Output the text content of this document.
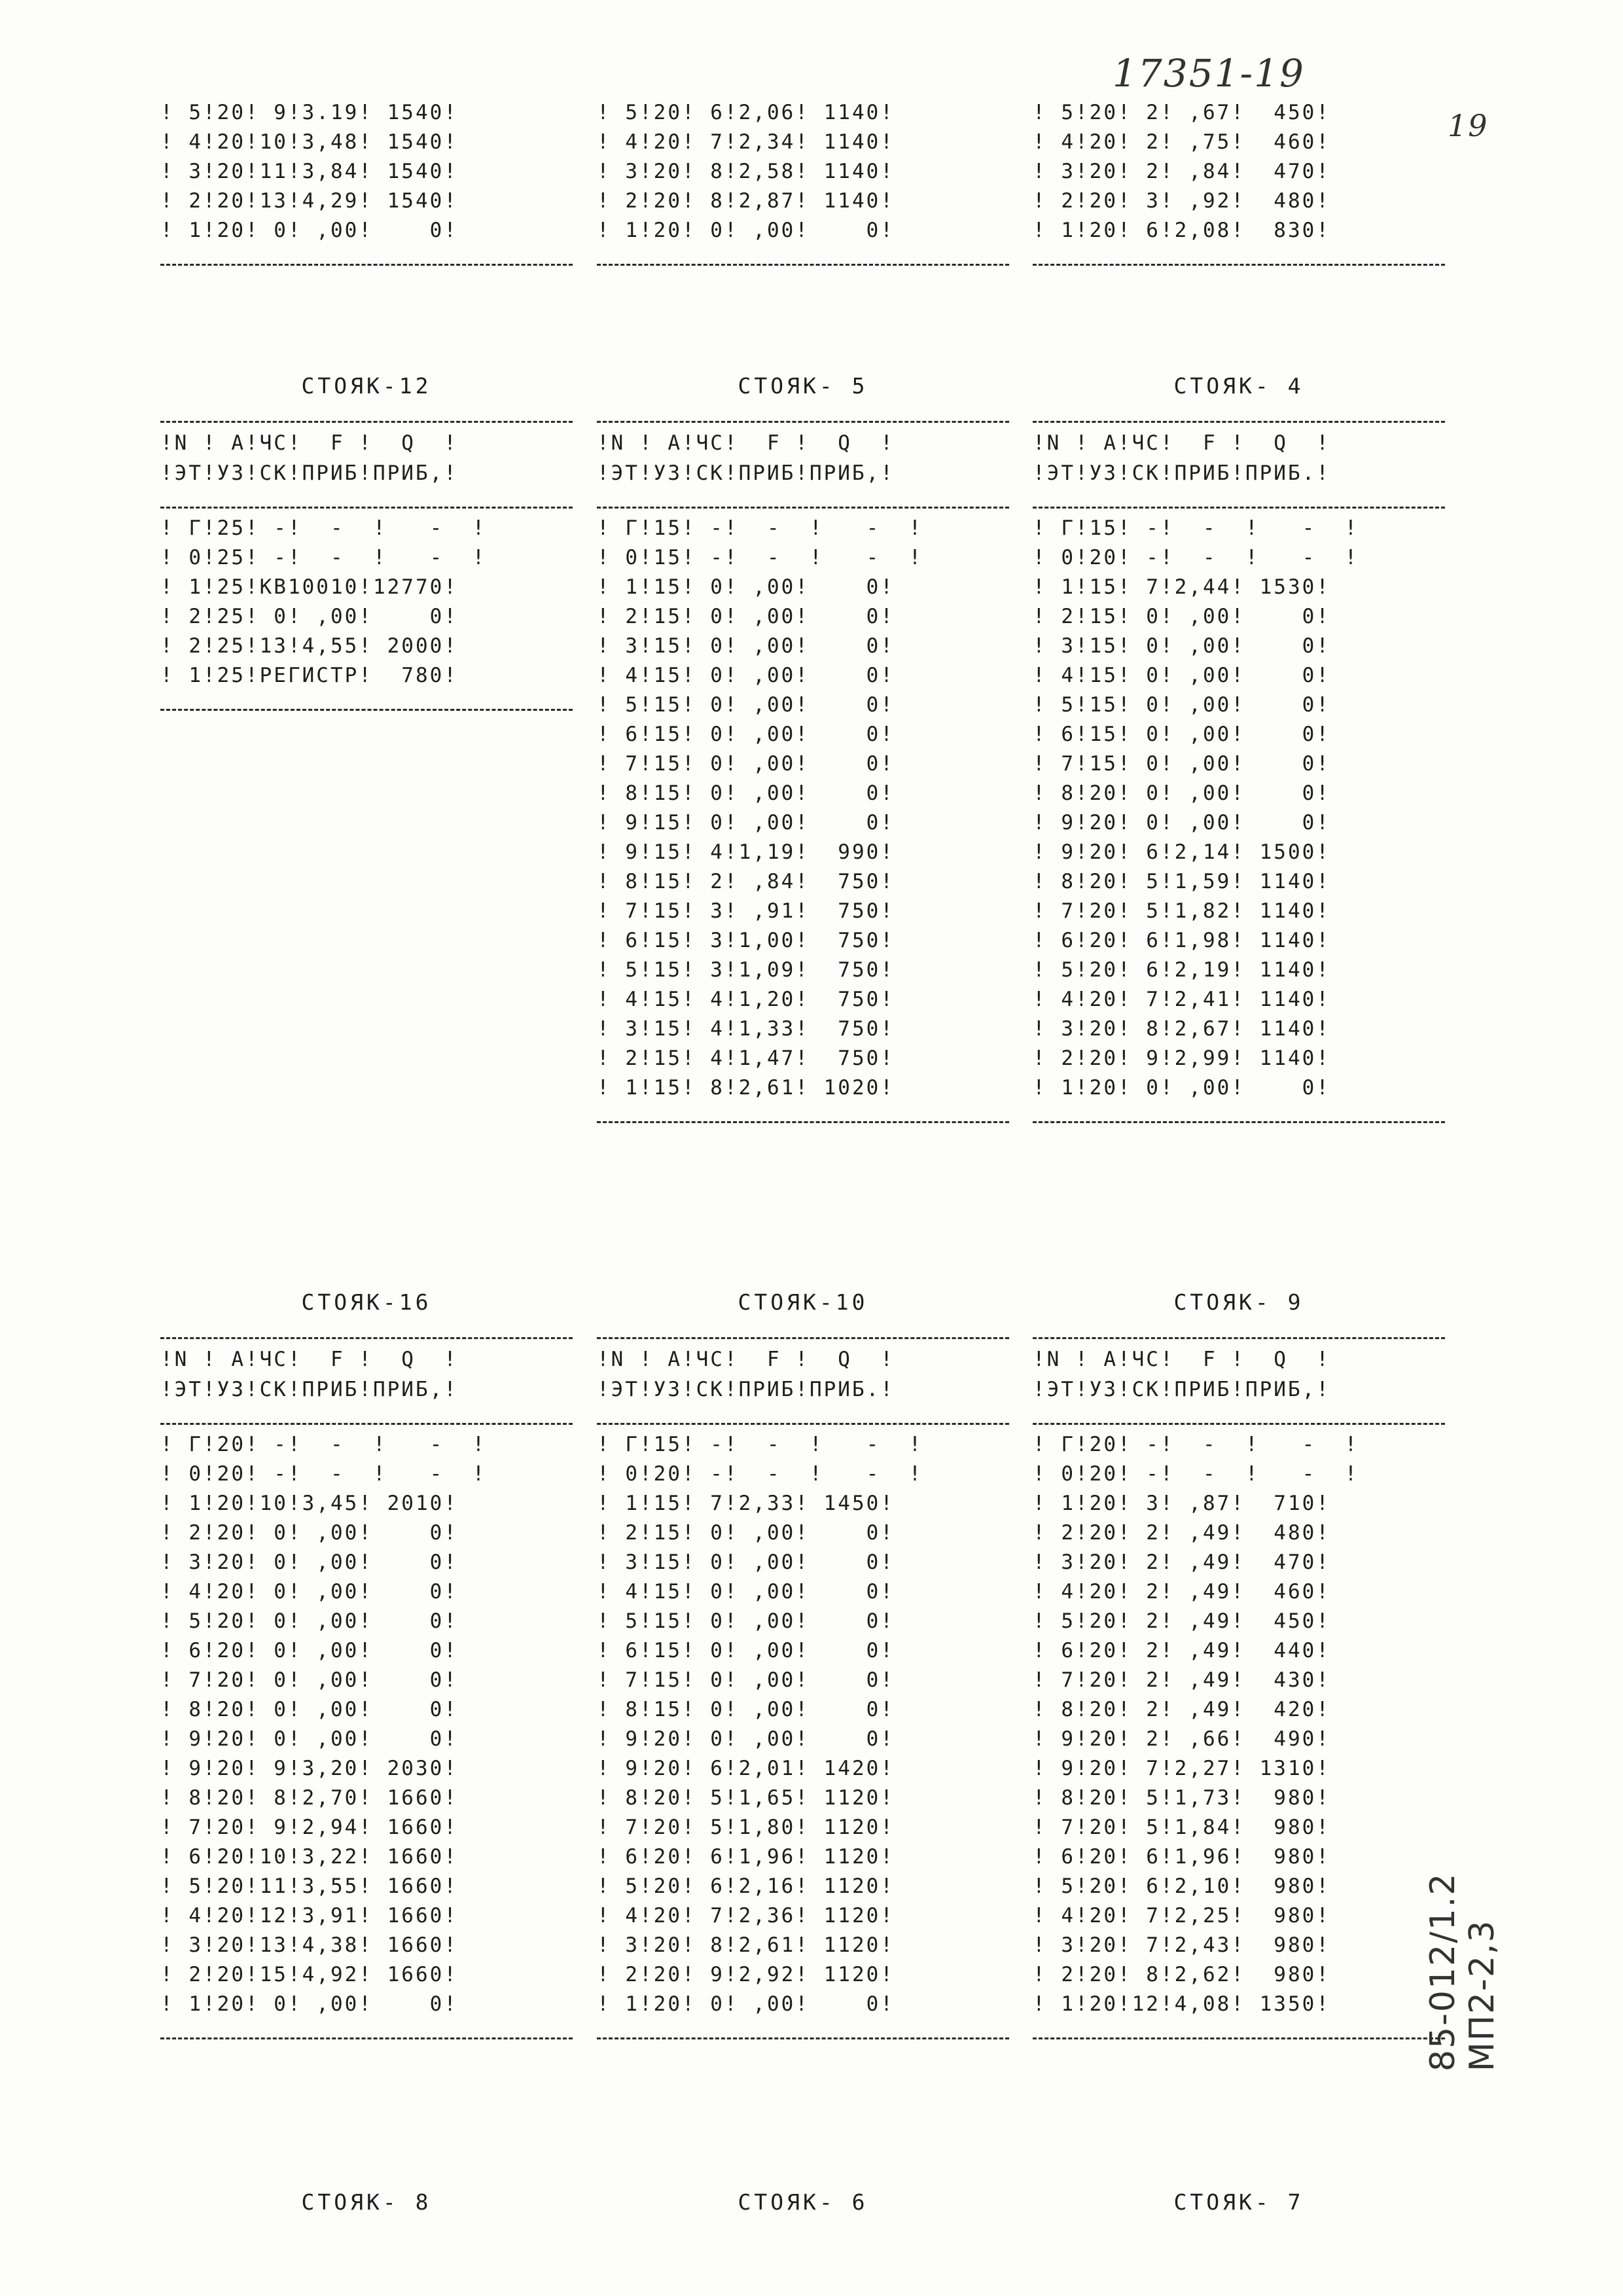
17351-19
19
85-012/1.2 МП2-2,3
! 5!20! 9!3.19! 1540!
! 4!20!10!3,48! 1540!
! 3!20!11!3,84! 1540!
! 2!20!13!4,29! 1540!
! 1!20! 0! ,00!    0!
! 5!20! 6!2,06! 1140!
! 4!20! 7!2,34! 1140!
! 3!20! 8!2,58! 1140!
! 2!20! 8!2,87! 1140!
! 1!20! 0! ,00!    0!
! 5!20! 2! ,67!  450!
! 4!20! 2! ,75!  460!
! 3!20! 2! ,84!  470!
! 2!20! 3! ,92!  480!
! 1!20! 6!2,08!  830!
СТОЯК-12
!N ! А!ЧС!  F !  Q  !
!ЭТ!УЗ!СК!ПРИБ!ПРИБ,!
! Г!25! -!  -  !   -  !
! 0!25! -!  -  !   -  !
! 1!25!КВ10010!12770!
! 2!25! 0! ,00!    0!
! 2!25!13!4,55! 2000!
! 1!25!РЕГИСТР!  780!
СТОЯК- 5
!N ! А!ЧС!  F !  Q  !
!ЭТ!УЗ!СК!ПРИБ!ПРИБ,!
! Г!15! -!  -  !   -  !
! 0!15! -!  -  !   -  !
! 1!15! 0! ,00!    0!
! 2!15! 0! ,00!    0!
! 3!15! 0! ,00!    0!
! 4!15! 0! ,00!    0!
! 5!15! 0! ,00!    0!
! 6!15! 0! ,00!    0!
! 7!15! 0! ,00!    0!
! 8!15! 0! ,00!    0!
! 9!15! 0! ,00!    0!
! 9!15! 4!1,19!  990!
! 8!15! 2! ,84!  750!
! 7!15! 3! ,91!  750!
! 6!15! 3!1,00!  750!
! 5!15! 3!1,09!  750!
! 4!15! 4!1,20!  750!
! 3!15! 4!1,33!  750!
! 2!15! 4!1,47!  750!
! 1!15! 8!2,61! 1020!
СТОЯК- 4
!N ! А!ЧС!  F !  Q  !
!ЭТ!УЗ!СК!ПРИБ!ПРИБ.!
! Г!15! -!  -  !   -  !
! 0!20! -!  -  !   -  !
! 1!15! 7!2,44! 1530!
! 2!15! 0! ,00!    0!
! 3!15! 0! ,00!    0!
! 4!15! 0! ,00!    0!
! 5!15! 0! ,00!    0!
! 6!15! 0! ,00!    0!
! 7!15! 0! ,00!    0!
! 8!20! 0! ,00!    0!
! 9!20! 0! ,00!    0!
! 9!20! 6!2,14! 1500!
! 8!20! 5!1,59! 1140!
! 7!20! 5!1,82! 1140!
! 6!20! 6!1,98! 1140!
! 5!20! 6!2,19! 1140!
! 4!20! 7!2,41! 1140!
! 3!20! 8!2,67! 1140!
! 2!20! 9!2,99! 1140!
! 1!20! 0! ,00!    0!
СТОЯК-16
!N ! А!ЧС!  F !  Q  !
!ЭТ!УЗ!СК!ПРИБ!ПРИБ,!
! Г!20! -!  -  !   -  !
! 0!20! -!  -  !   -  !
! 1!20!10!3,45! 2010!
! 2!20! 0! ,00!    0!
! 3!20! 0! ,00!    0!
! 4!20! 0! ,00!    0!
! 5!20! 0! ,00!    0!
! 6!20! 0! ,00!    0!
! 7!20! 0! ,00!    0!
! 8!20! 0! ,00!    0!
! 9!20! 0! ,00!    0!
! 9!20! 9!3,20! 2030!
! 8!20! 8!2,70! 1660!
! 7!20! 9!2,94! 1660!
! 6!20!10!3,22! 1660!
! 5!20!11!3,55! 1660!
! 4!20!12!3,91! 1660!
! 3!20!13!4,38! 1660!
! 2!20!15!4,92! 1660!
! 1!20! 0! ,00!    0!
СТОЯК-10
!N ! А!ЧС!  F !  Q  !
!ЭТ!УЗ!СК!ПРИБ!ПРИБ.!
! Г!15! -!  -  !   -  !
! 0!20! -!  -  !   -  !
! 1!15! 7!2,33! 1450!
! 2!15! 0! ,00!    0!
! 3!15! 0! ,00!    0!
! 4!15! 0! ,00!    0!
! 5!15! 0! ,00!    0!
! 6!15! 0! ,00!    0!
! 7!15! 0! ,00!    0!
! 8!15! 0! ,00!    0!
! 9!20! 0! ,00!    0!
! 9!20! 6!2,01! 1420!
! 8!20! 5!1,65! 1120!
! 7!20! 5!1,80! 1120!
! 6!20! 6!1,96! 1120!
! 5!20! 6!2,16! 1120!
! 4!20! 7!2,36! 1120!
! 3!20! 8!2,61! 1120!
! 2!20! 9!2,92! 1120!
! 1!20! 0! ,00!    0!
СТОЯК- 9
!N ! А!ЧС!  F !  Q  !
!ЭТ!УЗ!СК!ПРИБ!ПРИБ,!
! Г!20! -!  -  !   -  !
! 0!20! -!  -  !   -  !
! 1!20! 3! ,87!  710!
! 2!20! 2! ,49!  480!
! 3!20! 2! ,49!  470!
! 4!20! 2! ,49!  460!
! 5!20! 2! ,49!  450!
! 6!20! 2! ,49!  440!
! 7!20! 2! ,49!  430!
! 8!20! 2! ,49!  420!
! 9!20! 2! ,66!  490!
! 9!20! 7!2,27! 1310!
! 8!20! 5!1,73!  980!
! 7!20! 5!1,84!  980!
! 6!20! 6!1,96!  980!
! 5!20! 6!2,10!  980!
! 4!20! 7!2,25!  980!
! 3!20! 7!2,43!  980!
! 2!20! 8!2,62!  980!
! 1!20!12!4,08! 1350!
СТОЯК- 8	СТОЯК- 6	СТОЯК- 7
